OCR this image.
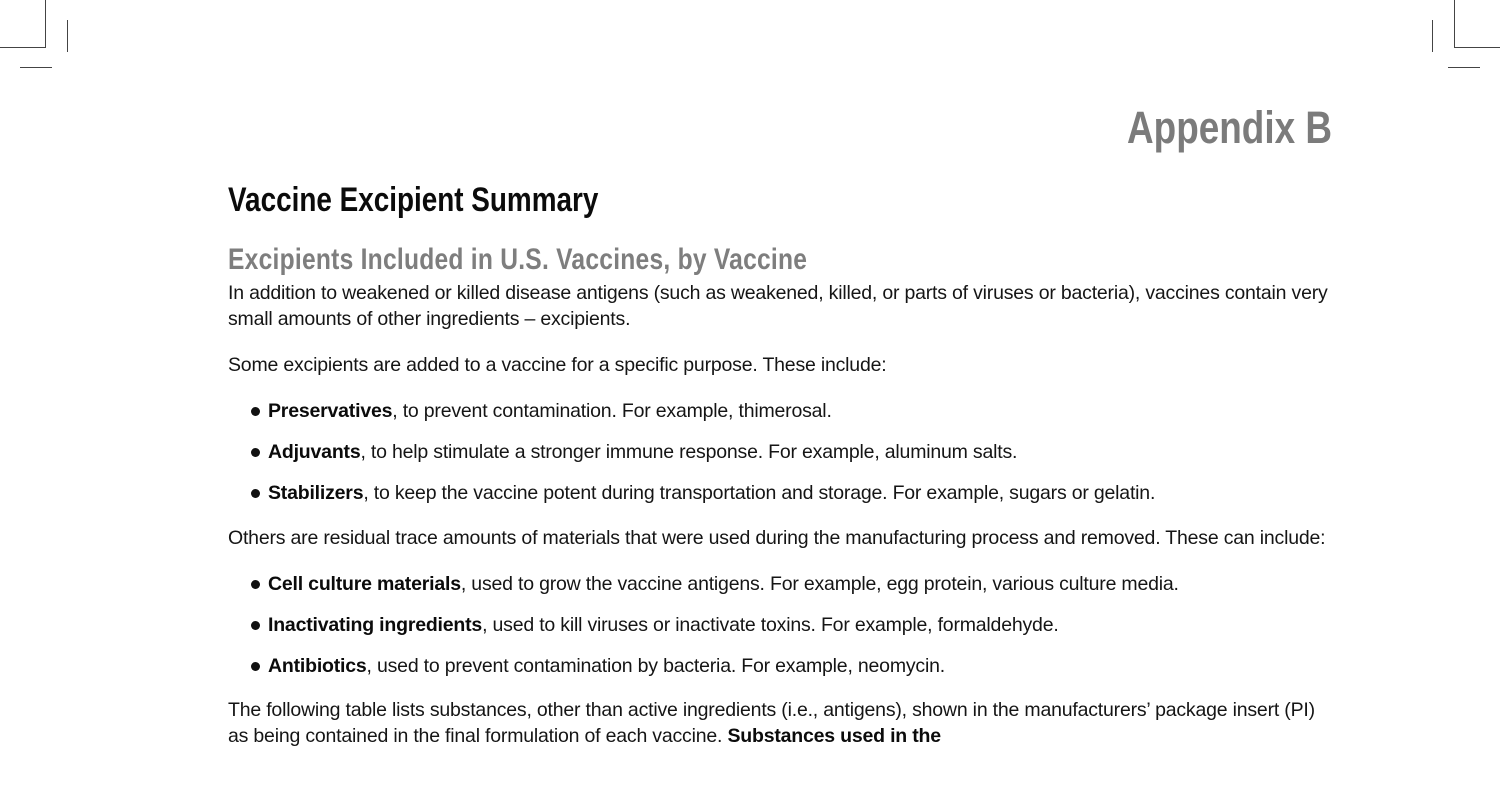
Appendix B
Vaccine Excipient Summary
Excipients Included in U.S. Vaccines, by Vaccine

In addition to weakened or killed disease antigens (such as weakened, killed, or parts of viruses or bacteria), vaccines contain very small amounts of other ingredients – excipients.

Some excipients are added to a vaccine for a specific purpose. These include:

Preservatives, to prevent contamination. For example, thimerosal.
Adjuvants, to help stimulate a stronger immune response. For example, aluminum salts.
Stabilizers, to keep the vaccine potent during transportation and storage. For example, sugars or gelatin.

Others are residual trace amounts of materials that were used during the manufacturing process and removed. These can include:

Cell culture materials, used to grow the vaccine antigens. For example, egg protein, various culture media.
Inactivating ingredients, used to kill viruses or inactivate toxins. For example, formaldehyde.
Antibiotics, used to prevent contamination by bacteria. For example, neomycin.

The following table lists substances, other than active ingredients (i.e., antigens), shown in the manufacturers’ package insert (PI) as being contained in the final formulation of each vaccine. Substances used in the
